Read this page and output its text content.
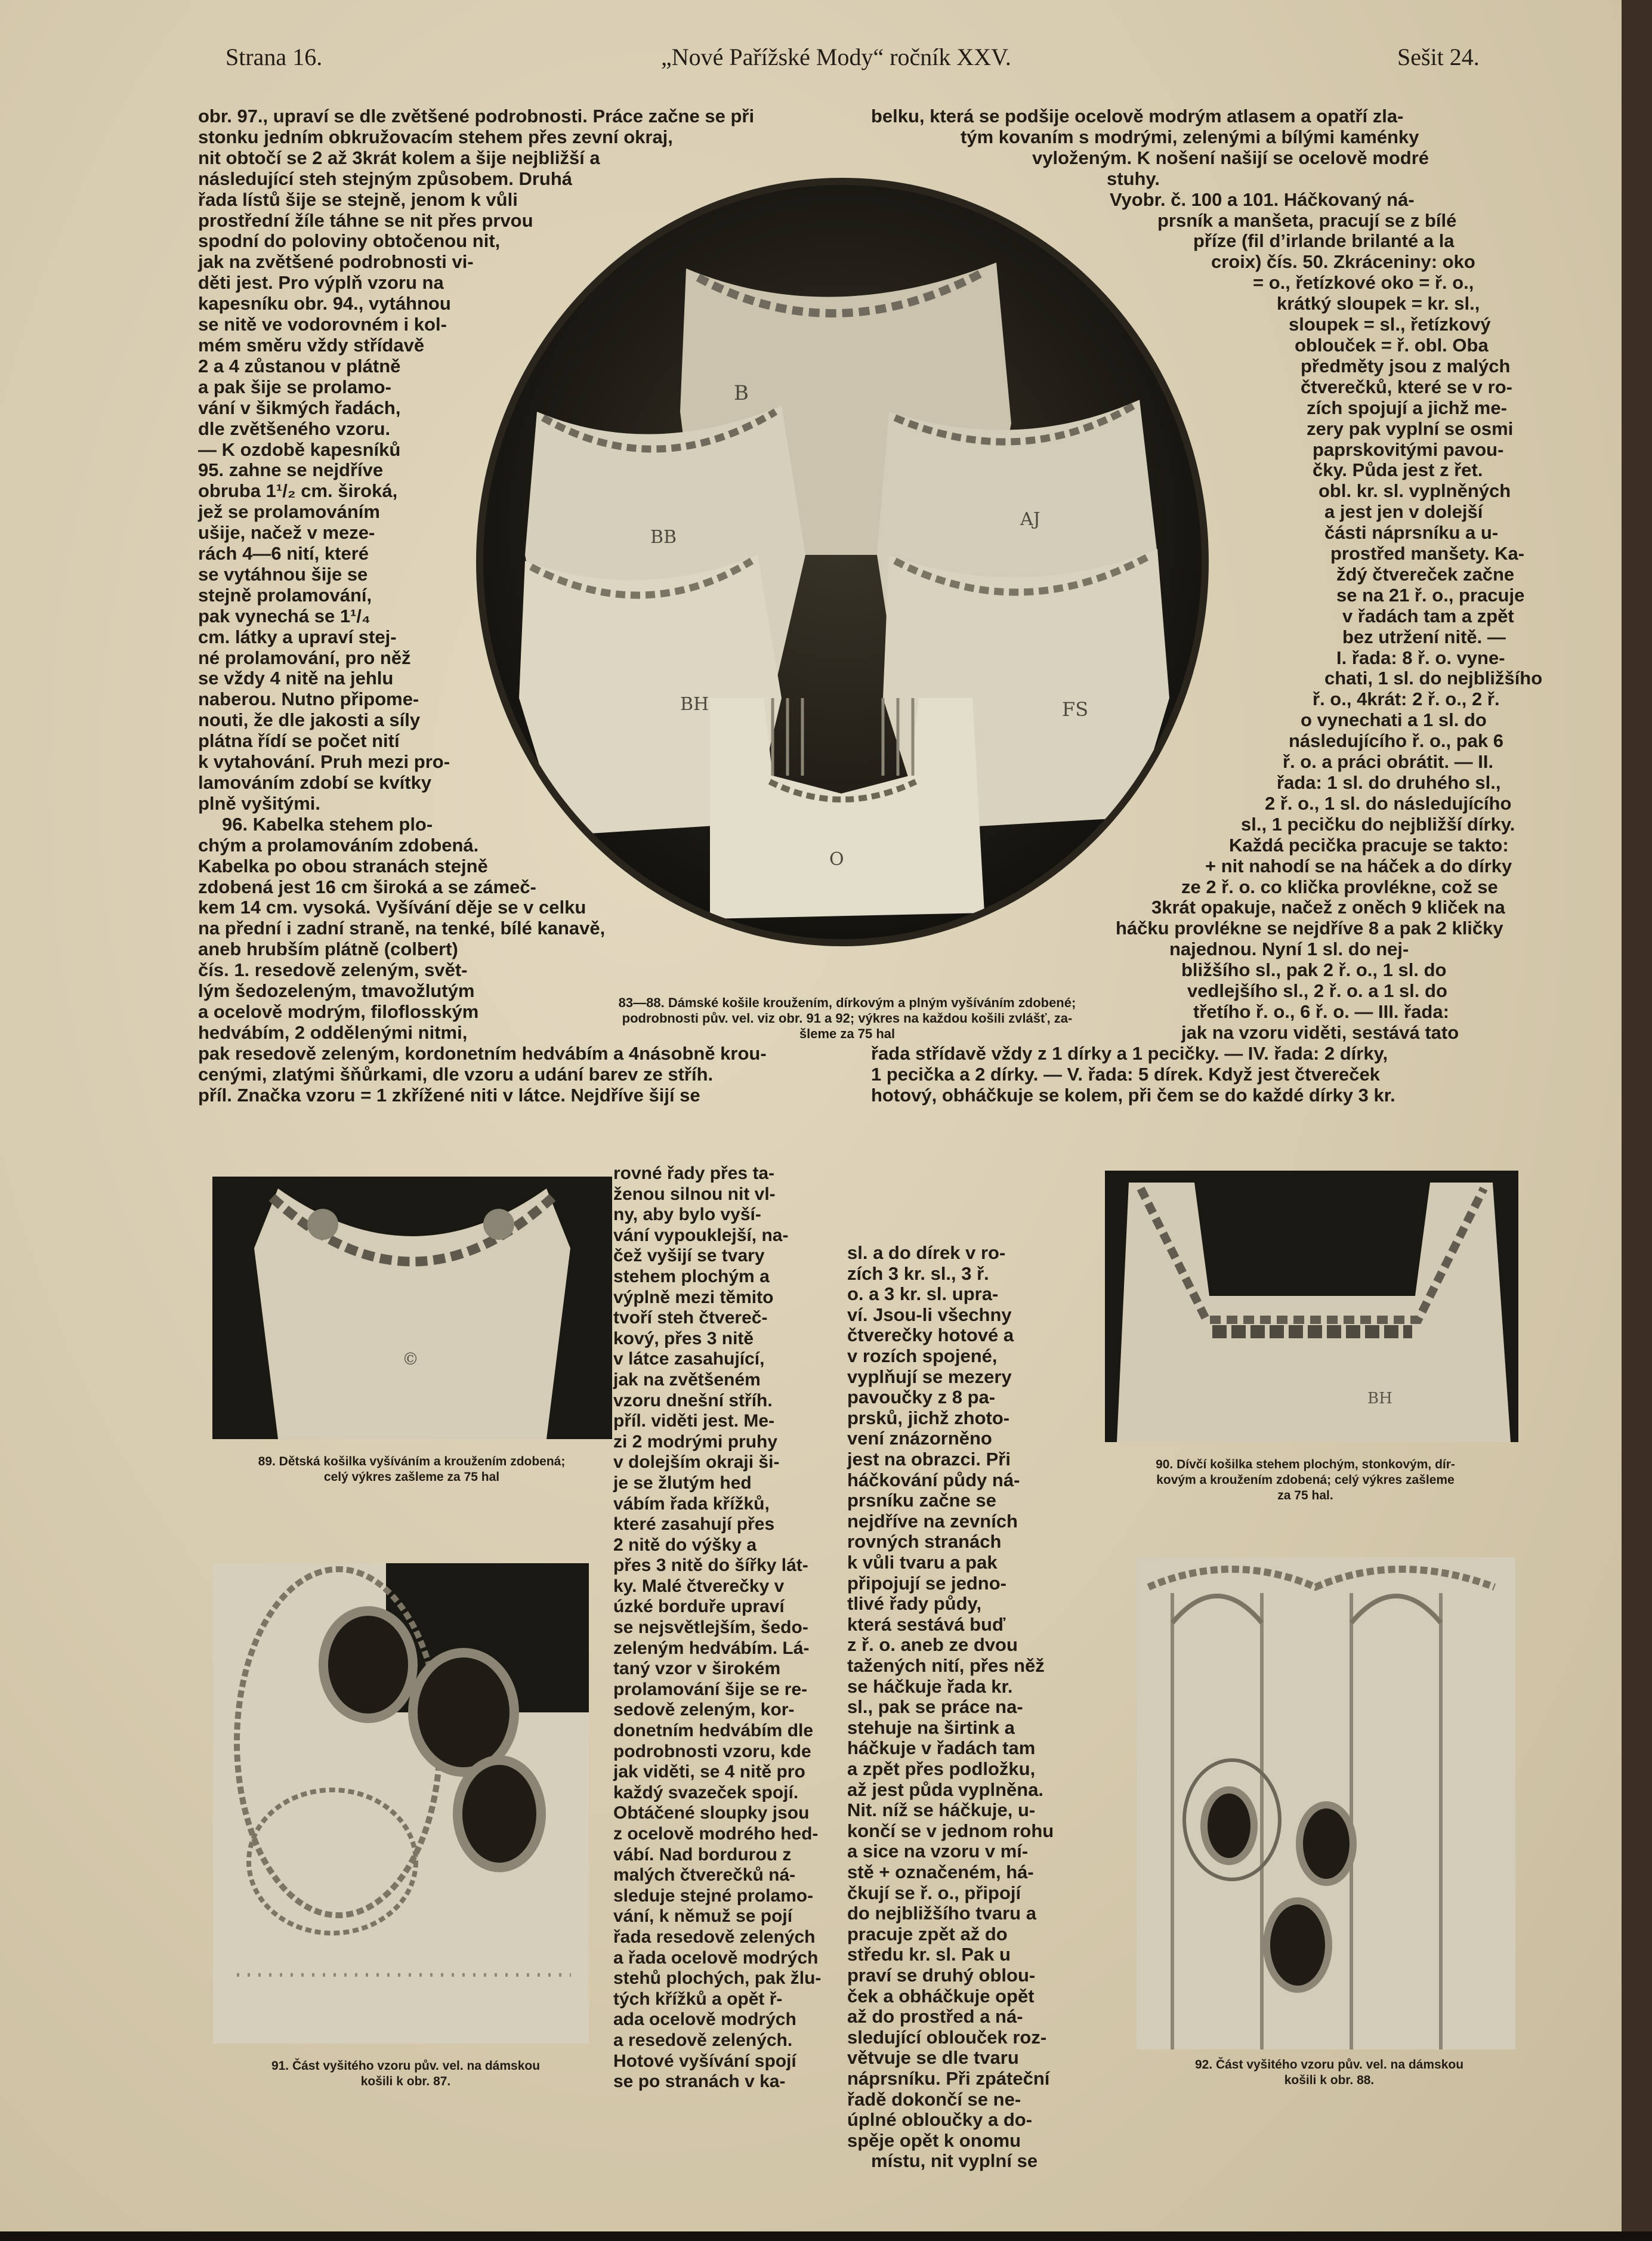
Strana 16.	„Nové Pařížské Mody“ ročník XXV.	Sešit 24.
B
BB
AJ
FS
BH
O
83—88. Dámské košile kroužením, dírkovým a plným vyšíváním zdobené;
podrobnosti pův. vel. viz obr. 91 a 92; výkres na každou košili zvlášť, za-
šleme za 75 hal
obr. 97., upraví se dle zvětšené podrobnosti. Práce začne se při
stonku jedním obkružovacím stehem přes zevní okraj,
nit obtočí se 2 až 3krát kolem a šije nejbližší a
následující steh stejným způsobem. Druhá
řada lístů šije se stejně, jenom k vůli
prostřední žíle táhne se nit přes prvou
spodní do poloviny obtočenou nit,
jak na zvětšené podrobnosti vi-
děti jest. Pro výplň vzoru na
kapesníku obr. 94., vytáhnou
se nitě ve vodorovném i kol-
mém směru vždy střídavě
2 a 4 zůstanou v plátně
a pak šije se prolamo-
vání v šikmých řadách,
dle zvětšeného vzoru.
— K ozdobě kapesníků
95. zahne se nejdříve
obruba 1¹/₂ cm. široká,
jež se prolamováním
ušije, načež v meze-
rách 4—6 nití, které
se vytáhnou šije se
stejně prolamování,
pak vynechá se 1¹/₄
cm. látky a upraví stej-
né prolamování, pro něž
se vždy 4 nitě na jehlu
naberou. Nutno připome-
nouti, že dle jakosti a síly
plátna řídí se počet nití
k vytahování. Pruh mezi pro-
lamováním zdobí se kvítky
plně vyšitými.
96. Kabelka stehem plo-
chým a prolamováním zdobená.
Kabelka po obou stranách stejně
zdobená jest 16 cm široká a se zámeč-
kem 14 cm. vysoká. Vyšívání děje se v celku
na přední i zadní straně, na tenké, bílé kanavě,
aneb hrubším plátně (colbert)
čís. 1. resedově zeleným, svět-
lým šedozeleným, tmavožlutým
a ocelově modrým, filoflosským
hedvábím, 2 oddělenými nitmi,
pak resedově zeleným, kordonetním hedvábím a 4násobně krou-
cenými, zlatými šňůrkami, dle vzoru a udání barev ze stříh.
příl. Značka vzoru = 1 zkřížené niti v látce. Nejdříve šijí se
belku, která se podšije ocelově modrým atlasem a opatří zla-
tým kovaním s modrými, zelenými a bílými kaménky
vyloženým. K nošení našijí se ocelově modré
stuhy.
Vyobr. č. 100 a 101. Háčkovaný ná-
prsník a manšeta, pracují se z bílé
příze (fil d’irlande brilanté a la
croix) čís. 50. Zkráceniny: oko
= o., řetízkové oko = ř. o.,
krátký sloupek = kr. sl.,
sloupek = sl., řetízkový
oblouček = ř. obl. Oba
předměty jsou z malých
čtverečků, které se v ro-
zích spojují a jichž me-
zery pak vyplní se osmi
paprskovitými pavou-
čky. Půda jest z řet.
obl. kr. sl. vyplněných
a jest jen v dolejší
části náprsníku a u-
prostřed manšety. Ka-
ždý čtvereček začne
se na 21 ř. o., pracuje
v řadách tam a zpět
bez utržení nitě. —
I. řada: 8 ř. o. vyne-
chati, 1 sl. do nejbližšího
ř. o., 4krát: 2 ř. o., 2 ř.
o vynechati a 1 sl. do
následujícího ř. o., pak 6
ř. o. a práci obrátit. — II.
řada: 1 sl. do druhého sl.,
2 ř. o., 1 sl. do následujícího
sl., 1 pecičku do nejbližší dírky.
Každá pecička pracuje se takto:
+ nit nahodí se na háček a do dírky
ze 2 ř. o. co klička provlékne, což se
3krát opakuje, načež z oněch 9 kliček na
háčku provlékne se nejdříve 8 a pak 2 kličky
najednou. Nyní 1 sl. do nej-
bližšího sl., pak 2 ř. o., 1 sl. do
vedlejšího sl., 2 ř. o. a 1 sl. do
třetího ř. o., 6 ř. o. — III. řada:
jak na vzoru viděti, sestává tato
řada střídavě vždy z 1 dírky a 1 pecičky. — IV. řada: 2 dírky,
1 pecička a 2 dírky. — V. řada: 5 dírek. Když jest čtvereček
hotový, obháčkuje se kolem, při čem se do každé dírky 3 kr.
sl. a do dírek v ro-
zích 3 kr. sl., 3 ř.
o. a 3 kr. sl. upra-
ví. Jsou-li všechny
čtverečky hotové a
v rozích spojené,
vyplňují se mezery
pavoučky z 8 pa-
prsků, jichž zhoto-
vení znázorněno
jest na obrazci. Při
háčkování půdy ná-
prsníku začne se
nejdříve na zevních
rovných stranách
k vůli tvaru a pak
připojují se jedno-
tlivé řady půdy,
která sestává buď
z ř. o. aneb ze dvou
tažených nití, přes něž
se háčkuje řada kr.
sl., pak se práce na-
stehuje na širtink a
háčkuje v řadách tam
a zpět přes podložku,
až jest půda vyplněna.
Nit. níž se háčkuje, u-
končí se v jednom rohu
a sice na vzoru v mí-
stě + označeném, há-
čkují se ř. o., připojí
do nejbližšího tvaru a
pracuje zpět až do
středu kr. sl. Pak u
praví se druhý oblou-
ček a obháčkuje opět
až do prostřed a ná-
sledující oblouček roz-
větvuje se dle tvaru
náprsníku. Při zpáteční
řadě dokončí se ne-
úplné obloučky a do-
spěje opět k onomu
místu, nit vyplní se
rovné řady přes ta-
ženou silnou nit vl-
ny, aby bylo vyší-
vání vypouklejší, na-
čež vyšijí se tvary
stehem plochým a
výplně mezi těmito
tvoří steh čtvereč-
kový, přes 3 nitě
v látce zasahující,
jak na zvětšeném
vzoru dnešní stříh.
příl. viděti jest. Me-
zi 2 modrými pruhy
v dolejším okraji ši-
je se žlutým hed
vábím řada křížků,
které zasahují přes
2 nitě do výšky a
přes 3 nitě do šířky lát-
ky. Malé čtverečky v
úzké borduře upraví
se nejsvětlejším, šedo-
zeleným hedvábím. Lá-
taný vzor v širokém
prolamování šije se re-
sedově zeleným, kor-
donetním hedvábím dle
podrobnosti vzoru, kde
jak viděti, se 4 nitě pro
každý svazeček spojí.
Obtáčené sloupky jsou
z ocelově modrého hed-
vábí. Nad bordurou z
malých čtverečků ná-
sleduje stejné prolamo-
vání, k němuž se pojí
řada resedově zelených
a řada ocelově modrých
stehů plochých, pak žlu-
tých křížků a opět ř-
ada ocelově modrých
a resedově zelených.
Hotové vyšívání spojí
se po stranách v ka-
©
89. Dětská košilka vyšíváním a kroužením zdobená;
celý výkres zašleme za 75 hal
BH
90. Dívčí košilka stehem plochým, stonkovým, dír-
kovým a kroužením zdobená; celý výkres zašleme
za 75 hal.
91. Část vyšitého vzoru pův. vel. na dámskou
košili k obr. 87.
92. Část vyšitého vzoru pův. vel. na dámskou
košili k obr. 88.
